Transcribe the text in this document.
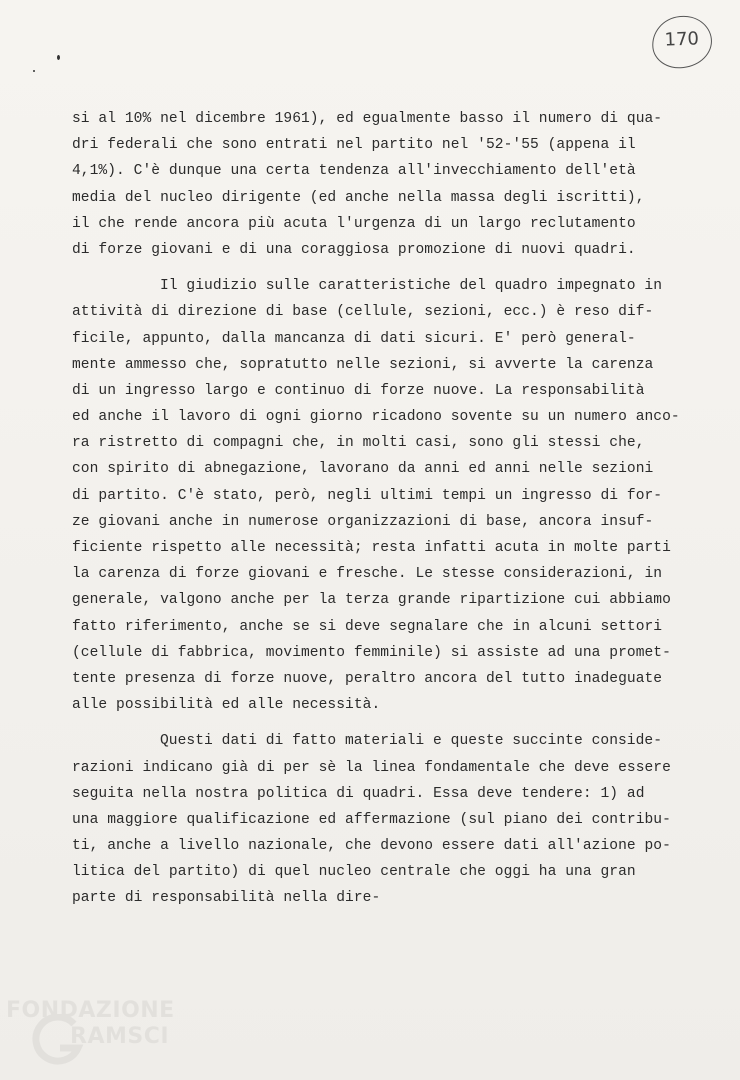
170
si al 10% nel dicembre 1961), ed egualmente basso il numero di qua-
dri federali che sono entrati nel partito nel '52-'55 (appena il
4,1%). C'è dunque una certa tendenza all'invecchiamento dell'età
media del nucleo dirigente (ed anche nella massa degli iscritti),
il che rende ancora più acuta l'urgenza di un largo reclutamento
di forze giovani e di una coraggiosa promozione di nuovi quadri.
Il giudizio sulle caratteristiche del quadro impegnato in
attività di direzione di base (cellule, sezioni, ecc.) è reso dif-
ficile, appunto, dalla mancanza di dati sicuri. E' però general-
mente ammesso che, sopratutto nelle sezioni, si avverte la carenza
di un ingresso largo e continuo di forze nuove. La responsabilità
ed anche il lavoro di ogni giorno ricadono sovente su un numero anco-
ra ristretto di compagni che, in molti casi, sono gli stessi che,
con spirito di abnegazione, lavorano da anni ed anni nelle sezioni
di partito. C'è stato, però, negli ultimi tempi un ingresso di for-
ze giovani anche in numerose organizzazioni di base, ancora insuf-
ficiente rispetto alle necessità; resta infatti acuta in molte parti
la carenza di forze giovani e fresche. Le stesse considerazioni, in
generale, valgono anche per la terza grande ripartizione cui abbiamo
fatto riferimento, anche se si deve segnalare che in alcuni settori
(cellule di fabbrica, movimento femminile) si assiste ad una promet-
tente presenza di forze nuove, peraltro ancora del tutto inadeguate
alle possibilità ed alle necessità.
Questi dati di fatto materiali e queste succinte conside-
razioni indicano già di per sè la linea fondamentale che deve essere
seguita nella nostra politica di quadri. Essa deve tendere: 1) ad
una maggiore qualificazione ed affermazione (sul piano dei contribu-
ti, anche a livello nazionale, che devono essere dati all'azione po-
litica del partito) di quel nucleo centrale che oggi ha una gran
parte di responsabilità nella dire-
FONDAZIONE
RAMSCI
